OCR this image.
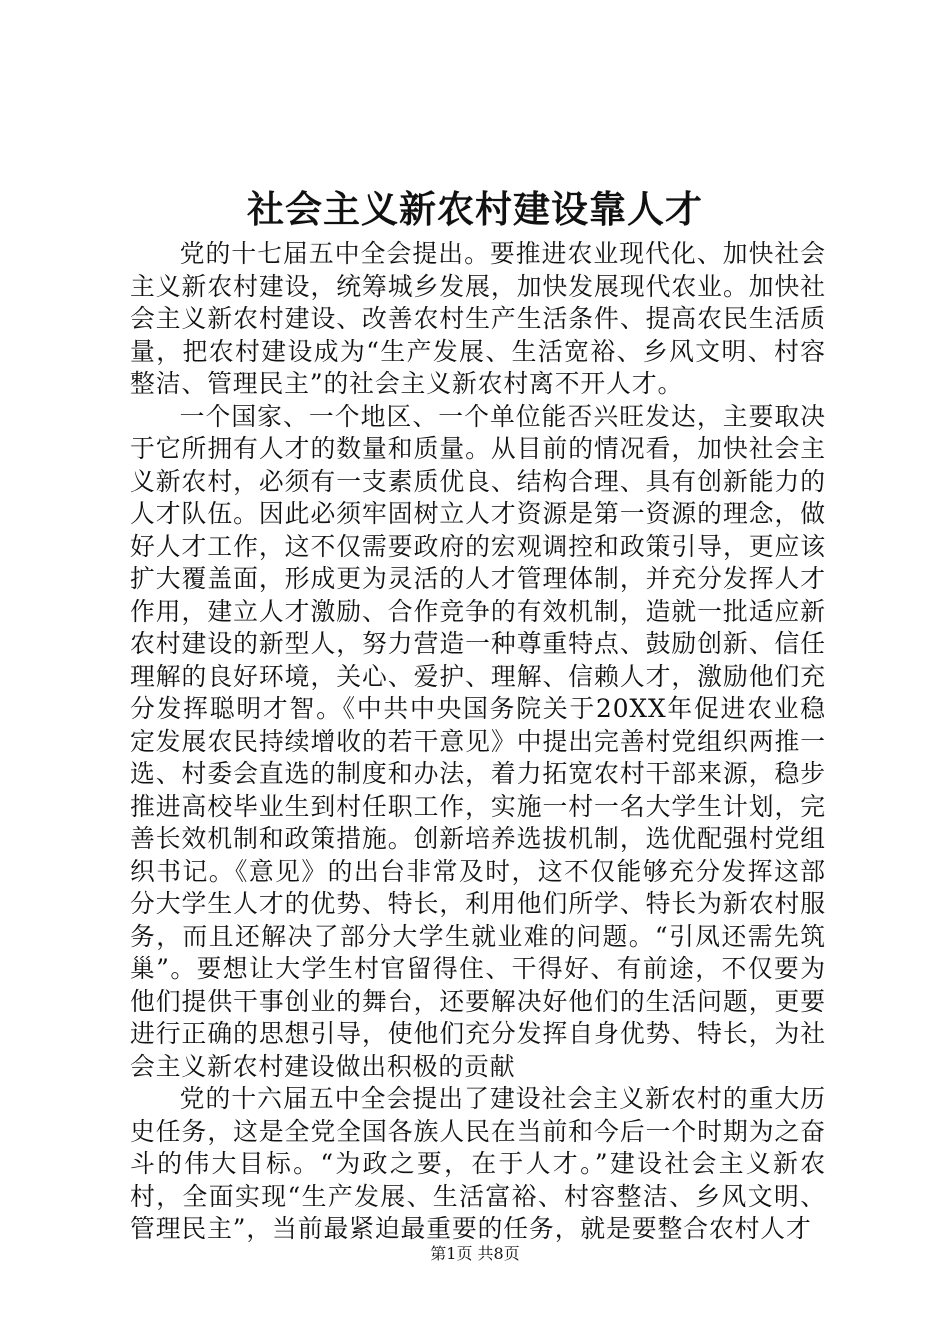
社会主义新农村建设靠人才

党的十七届五中全会提出。要推进农业现代化、加快社会主义新农村建设，统筹城乡发展，加快发展现代农业。加快社会主义新农村建设、改善农村生产生活条件、提高农民生活质量，把农村建设成为“生产发展、生活宽裕、乡风文明、村容整洁、管理民主”的社会主义新农村离不开人才。

一个国家、一个地区、一个单位能否兴旺发达，主要取决于它所拥有人才的数量和质量。从目前的情况看，加快社会主义新农村，必须有一支素质优良、结构合理、具有创新能力的人才队伍。因此必须牢固树立人才资源是第一资源的理念，做好人才工作，这不仅需要政府的宏观调控和政策引导，更应该扩大覆盖面，形成更为灵活的人才管理体制，并充分发挥人才作用，建立人才激励、合作竞争的有效机制，造就一批适应新农村建设的新型人，努力营造一种尊重特点、鼓励创新、信任理解的良好环境，关心、爱护、理解、信赖人才，激励他们充分发挥聪明才智。《中共中央国务院关于20XX年促进农业稳定发展农民持续增收的若干意见》中提出完善村党组织两推一选、村委会直选的制度和办法，着力拓宽农村干部来源，稳步推进高校毕业生到村任职工作，实施一村一名大学生计划，完善长效机制和政策措施。创新培养选拔机制，选优配强村党组织书记。《意见》的出台非常及时，这不仅能够充分发挥这部分大学生人才的优势、特长，利用他们所学、特长为新农村服务，而且还解决了部分大学生就业难的问题。“引凤还需先筑巢”。要想让大学生村官留得住、干得好、有前途，不仅要为他们提供干事创业的舞台，还要解决好他们的生活问题，更要进行正确的思想引导，使他们充分发挥自身优势、特长，为社会主义新农村建设做出积极的贡献

党的十六届五中全会提出了建设社会主义新农村的重大历史任务，这是全党全国各族人民在当前和今后一个时期为之奋斗的伟大目标。“为政之要，在于人才。”建设社会主义新农村，全面实现“生产发展、生活富裕、村容整洁、乡风文明、管理民主”，当前最紧迫最重要的任务，就是要整合农村人才

第1页 共8页
